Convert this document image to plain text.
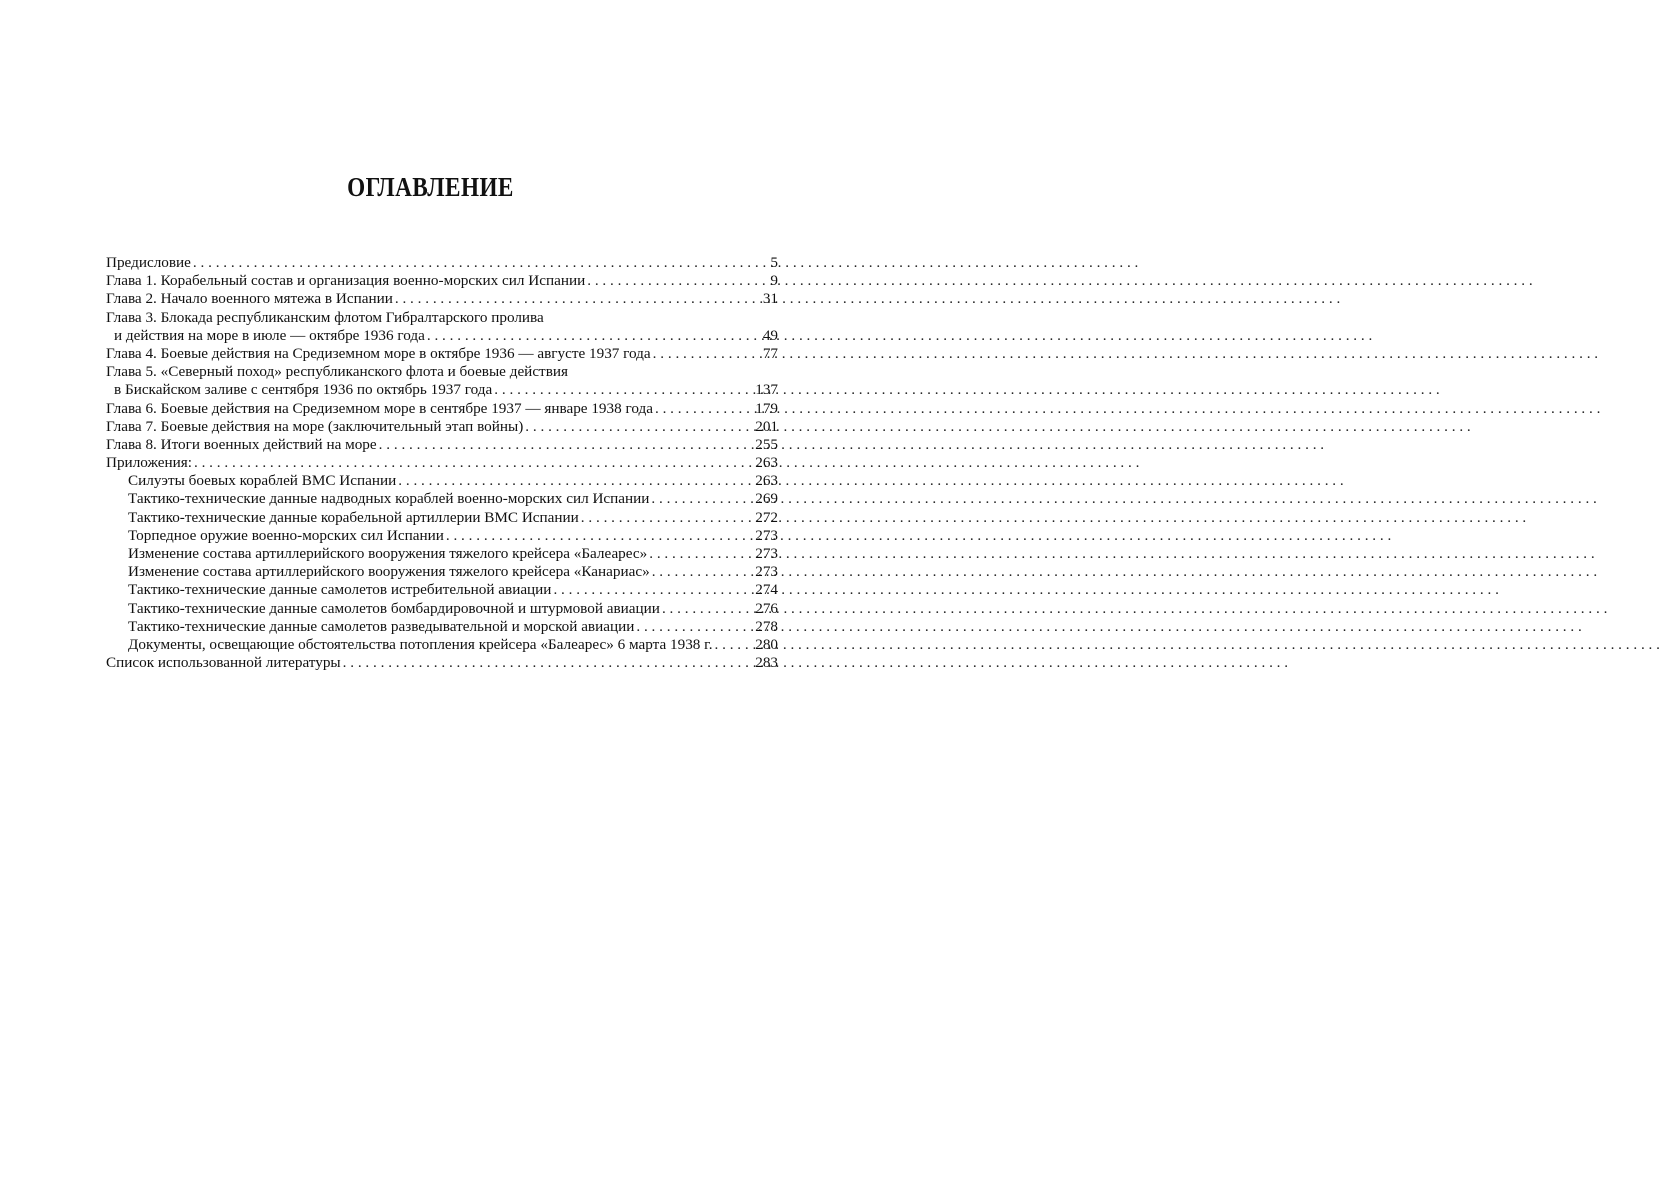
ОГЛАВЛЕНИЕ
Предисловие . . .	5
Глава 1. Корабельный состав и организация военно-морских сил Испании . . .	9
Глава 2. Начало военного мятежа в Испании . . .	31
Глава 3. Блокада республиканским флотом Гибралтарского пролива
и действия на море в июле — октябре 1936 года . . .	49
Глава 4. Боевые действия на Средиземном море в октябре 1936 — августе 1937 года . . .	77
Глава 5. «Северный поход» республиканского флота и боевые действия
в Бискайском заливе с сентября 1936 по октябрь 1937 года . . .	137
Глава 6. Боевые действия на Средиземном море в сентябре 1937 — январе 1938 года . . .	179
Глава 7. Боевые действия на море (заключительный этап войны) . . .	201
Глава 8. Итоги военных действий на море . . .	255
Приложения: . . .	263
Силуэты боевых кораблей ВМС Испании . . .	263
Тактико-технические данные надводных кораблей военно-морских сил Испании . . .	269
Тактико-технические данные корабельной артиллерии ВМС Испании . . .	272
Торпедное оружие военно-морских сил Испании . . .	273
Изменение состава артиллерийского вооружения тяжелого крейсера «Балеарес» . . .	273
Изменение состава артиллерийского вооружения тяжелого крейсера «Канариас» . . .	273
Тактико-технические данные самолетов истребительной авиации . . .	274
Тактико-технические данные самолетов бомбардировочной и штурмовой авиации . . .	276
Тактико-технические данные самолетов разведывательной и морской авиации . . .	278
Документы, освещающие обстоятельства потопления крейсера «Балеарес» 6 марта 1938 г. . . .	280
Список использованной литературы . . .	283
